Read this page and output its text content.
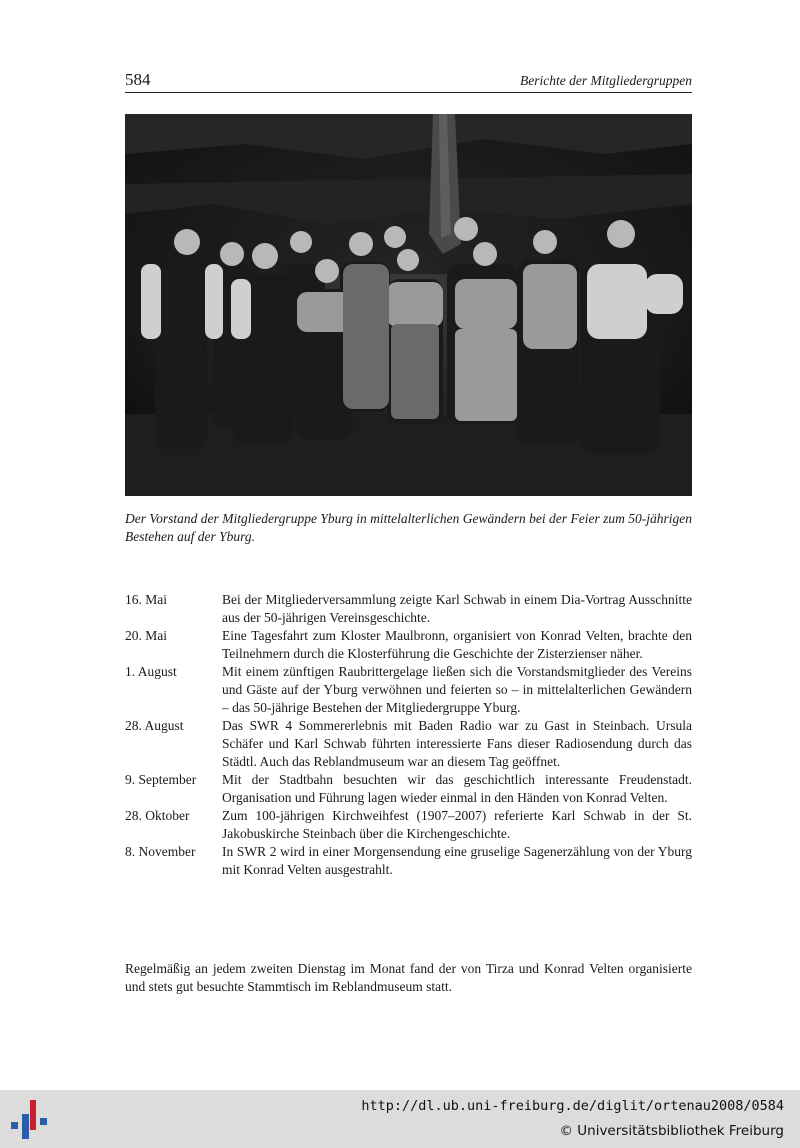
584	Berichte der Mitgliedergruppen
Der Vorstand der Mitgliedergruppe Yburg in mittelalterlichen Gewändern bei der Feier zum 50-jährigen Bestehen auf der Yburg.
16. Mai	Bei der Mitgliederversammlung zeigte Karl Schwab in einem Dia-Vortrag Ausschnitte aus der 50-jährigen Vereinsgeschichte.
20. Mai	Eine Tagesfahrt zum Kloster Maulbronn, organisiert von Konrad Velten, brachte den Teilnehmern durch die Klosterführung die Geschichte der Zisterzienser näher.
1. August	Mit einem zünftigen Raubrittergelage ließen sich die Vorstandsmitglieder des Vereins und Gäste auf der Yburg verwöhnen und feierten so – in mittelalterlichen Gewändern – das 50-jährige Bestehen der Mitgliedergruppe Yburg.
28. August	Das SWR 4 Sommererlebnis mit Baden Radio war zu Gast in Steinbach. Ursula Schäfer und Karl Schwab führten interessierte Fans dieser Radiosendung durch das Städtl. Auch das Reblandmuseum war an diesem Tag geöffnet.
9. September	Mit der Stadtbahn besuchten wir das geschichtlich interessante Freudenstadt. Organisation und Führung lagen wieder einmal in den Händen von Konrad Velten.
28. Oktober	Zum 100-jährigen Kirchweihfest (1907–2007) referierte Karl Schwab in der St. Jakobuskirche Steinbach über die Kirchengeschichte.
8. November	In SWR 2 wird in einer Morgensendung eine gruselige Sagenerzählung von der Yburg mit Konrad Velten ausgestrahlt.
Regelmäßig an jedem zweiten Dienstag im Monat fand der von Tirza und Konrad Velten organisierte und stets gut besuchte Stammtisch im Reblandmuseum statt.
http://dl.ub.uni-freiburg.de/diglit/ortenau2008/0584
© Universitätsbibliothek Freiburg
